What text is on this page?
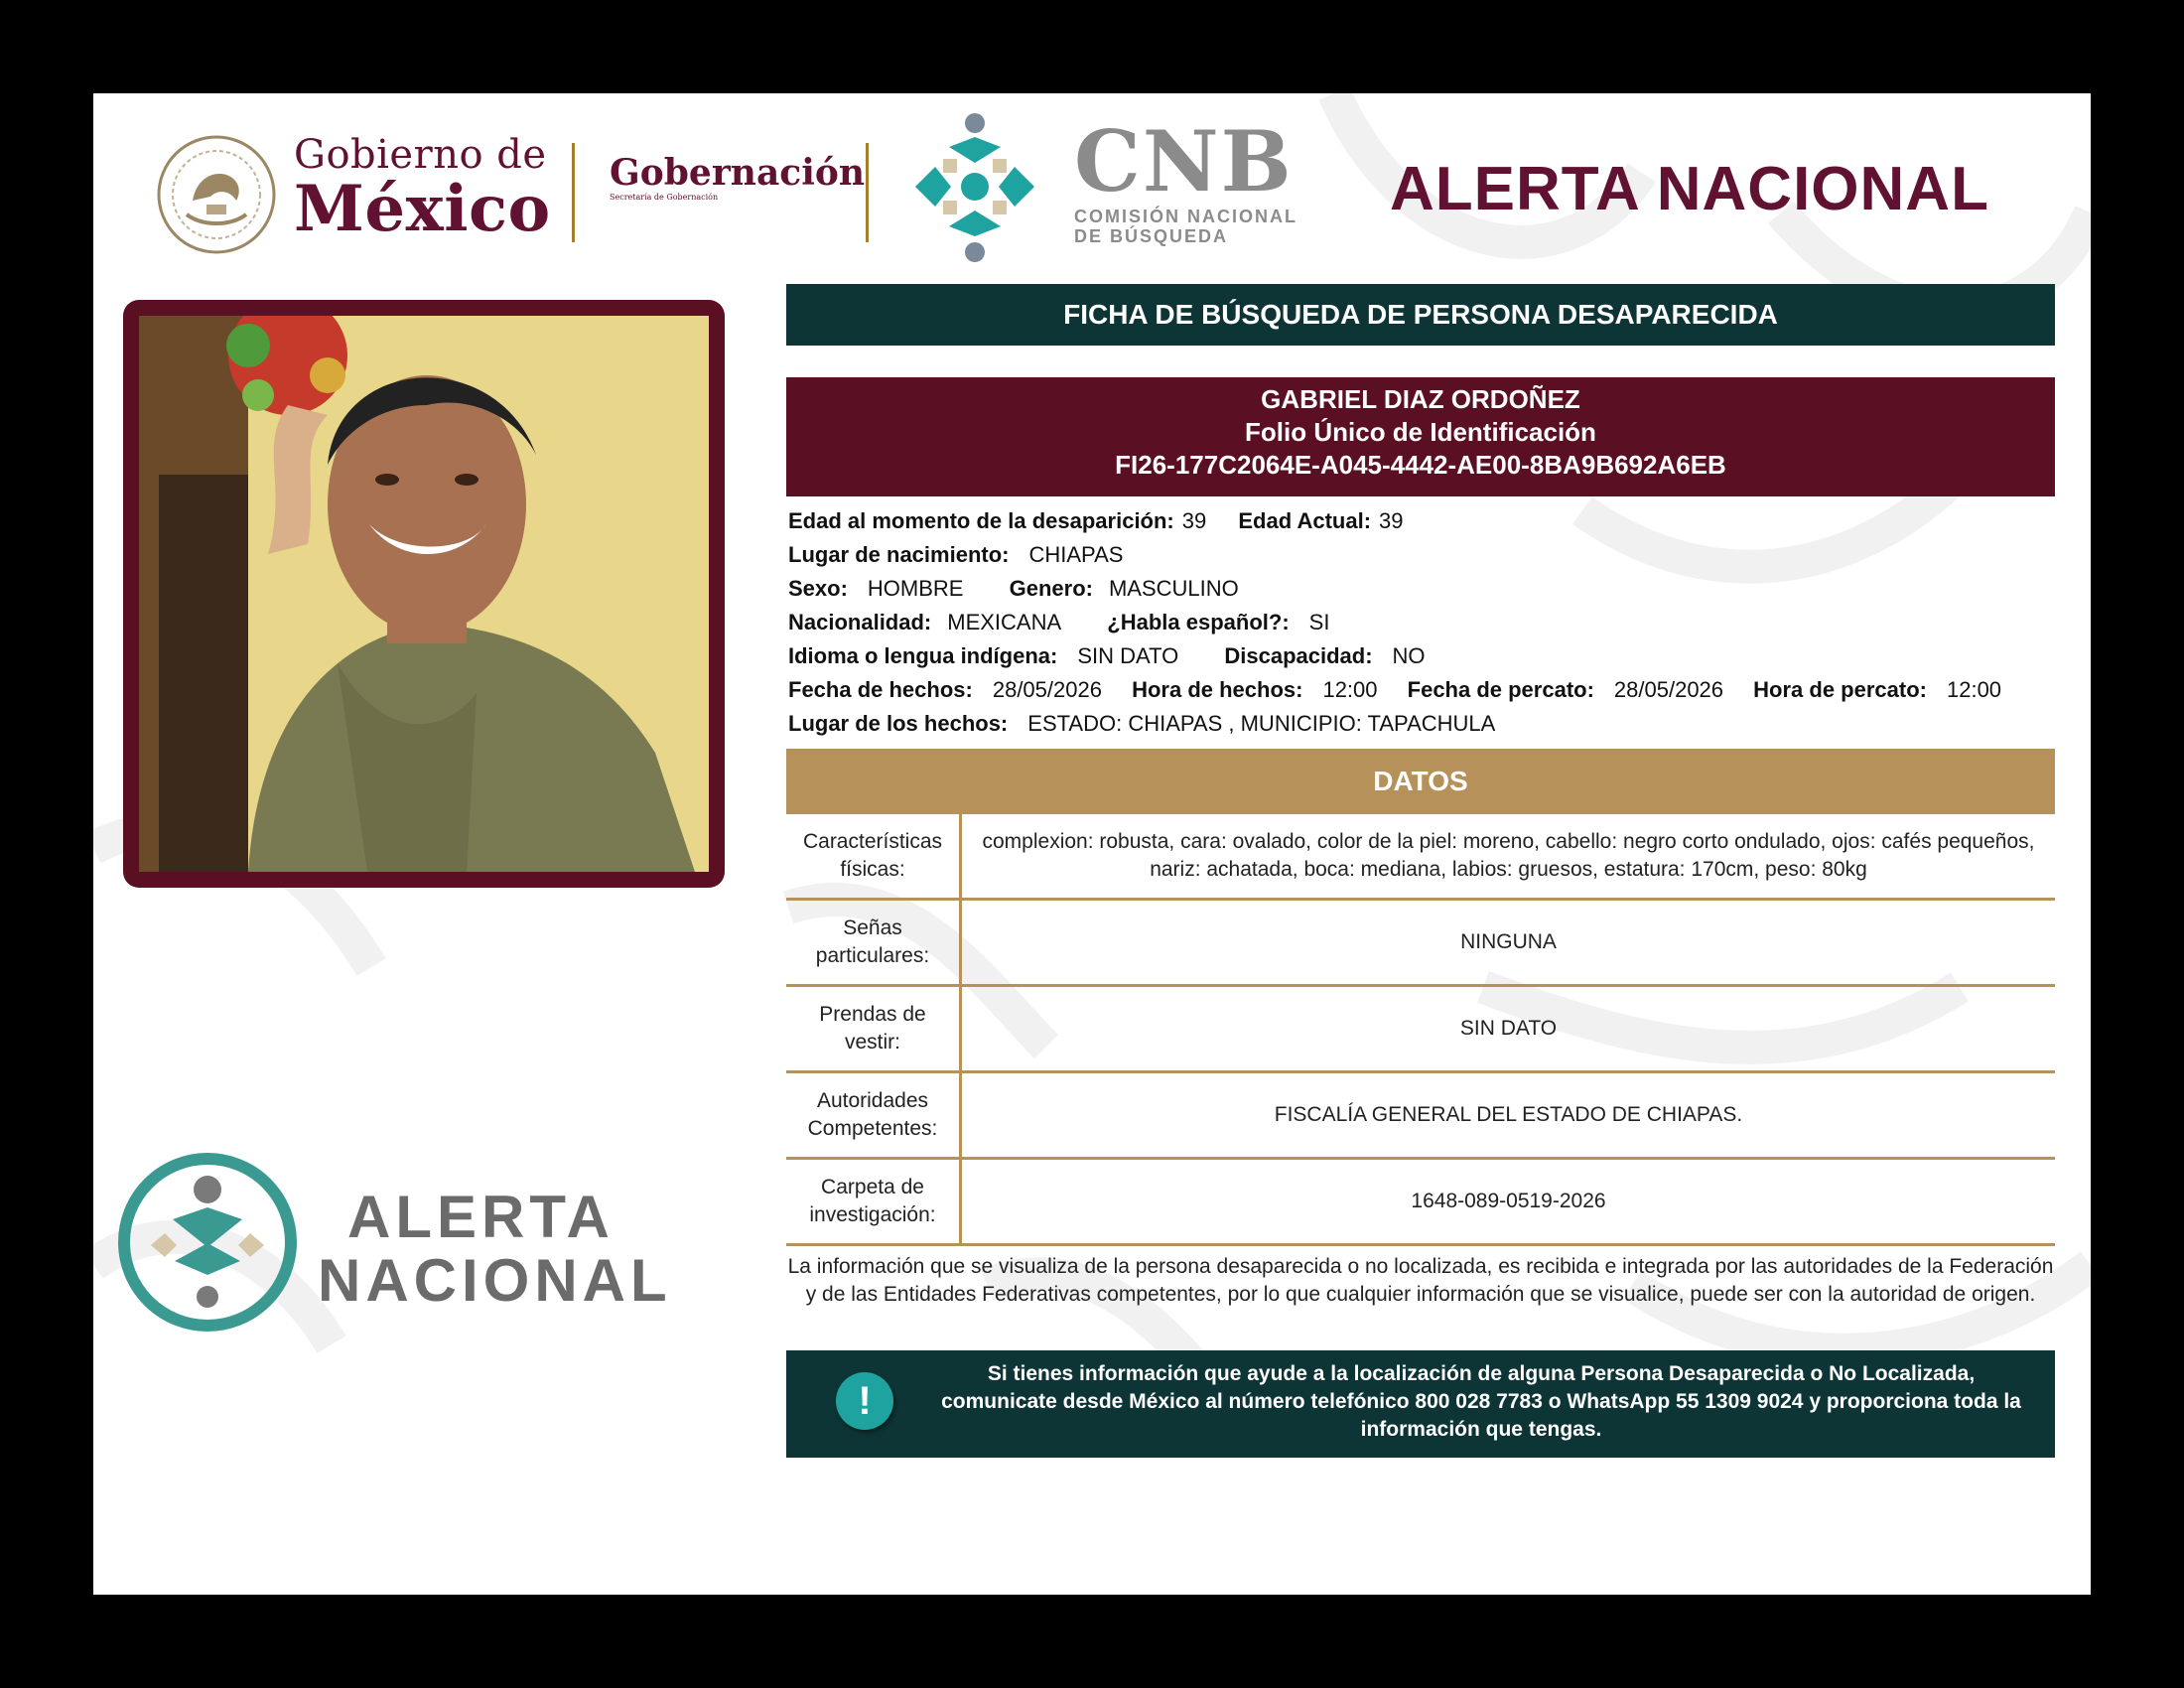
Gobierno de
México Gobernación
Secretaría de Gobernación	CNB
COMISIÓN NACIONAL
DE BÚSQUEDA
ALERTA NACIONAL
ALERTA
NACIONAL
FICHA DE BÚSQUEDA DE PERSONA DESAPARECIDA
GABRIEL DIAZ ORDOÑEZ
Folio Único de Identificación
FI26-177C2064E-A045-4442-AE00-8BA9B692A6EB
Edad al momento de la desaparición: 39 Edad Actual: 39
Lugar de nacimiento: CHIAPAS
Sexo: HOMBRE Genero: MASCULINO
Nacionalidad: MEXICANA ¿Habla español?: SI
Idioma o lengua indígena: SIN DATO Discapacidad: NO
Fecha de hechos: 28/05/2026 Hora de hechos: 12:00 Fecha de percato: 28/05/2026 Hora de percato: 12:00
Lugar de los hechos: ESTADO: CHIAPAS , MUNICIPIO: TAPACHULA
DATOS
Características físicas:	complexion: robusta, cara: ovalado, color de la piel: moreno, cabello: negro corto ondulado, ojos: cafés pequeños, nariz: achatada, boca: mediana, labios: gruesos, estatura: 170cm, peso: 80kg
Señas particulares:	NINGUNA
Prendas de vestir:	SIN DATO
Autoridades Competentes:	FISCALÍA GENERAL DEL ESTADO DE CHIAPAS.
Carpeta de investigación:	1648-089-0519-2026
La información que se visualiza de la persona desaparecida o no localizada, es recibida e integrada por las autoridades de la Federación y de las Entidades Federativas competentes, por lo que cualquier información que se visualice, puede ser con la autoridad de origen.
!
Si tienes información que ayude a la localización de alguna Persona Desaparecida o No Localizada, comunicate desde México al número telefónico 800 028 7783 o WhatsApp 55 1309 9024 y proporciona toda la información que tengas.
